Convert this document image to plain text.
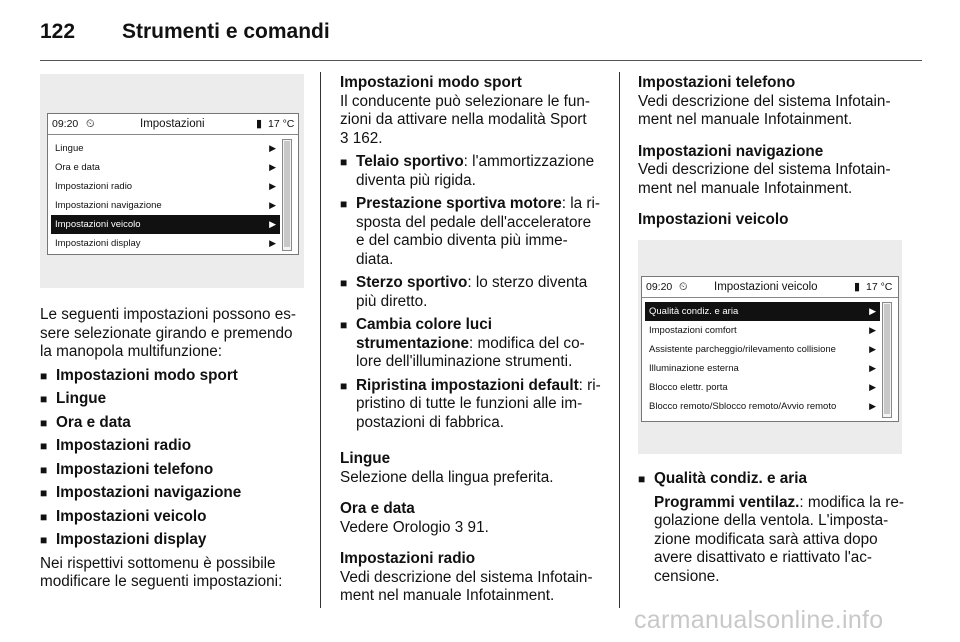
122 Strumenti e comandi
09:20 ⏲	Impostazioni	▮ 17 °C
Lingue	▶
Ora e data	▶
Impostazioni radio	▶
Impostazioni navigazione	▶
Impostazioni veicolo	▶
Impostazioni display	▶

Le seguenti impostazioni possono es-

sere selezionate girando e premendo

la manopola multifunzione:

■ Impostazioni modo sport
■ Lingue
■ Ora e data
■ Impostazioni radio
■ Impostazioni telefono
■ Impostazioni navigazione
■ Impostazioni veicolo
■ Impostazioni display

Nei rispettivi sottomenu è possibile

modificare le seguenti impostazioni:

Impostazioni modo sport

Il conducente può selezionare le fun-

zioni da attivare nella modalità Sport

3 162.

■ Telaio sportivo: l'ammortizzazione

diventa più rigida.

■ Prestazione sportiva motore: la ri-

sposta del pedale dell'acceleratore

e del cambio diventa più imme-

diata.

■ Sterzo sportivo: lo sterzo diventa

più diretto.

■ Cambia colore luci

strumentazione: modifica del co-

lore dell'illuminazione strumenti.

■ Ripristina impostazioni default: ri-

pristino di tutte le funzioni alle im-

postazioni di fabbrica.

Lingue

Selezione della lingua preferita.

Ora e data

Vedere Orologio 3 91.

Impostazioni radio

Vedi descrizione del sistema Infotain-

ment nel manuale Infotainment.

Impostazioni telefono

Vedi descrizione del sistema Infotain-

ment nel manuale Infotainment.

Impostazioni navigazione

Vedi descrizione del sistema Infotain-

ment nel manuale Infotainment.

Impostazioni veicolo

09:20 ⏲ Impostazioni veicolo	▮ 17 °C
Qualità condiz. e aria	▶
Impostazioni comfort	▶
Assistente parcheggio/rilevamento collisione	▶
Illuminazione esterna	▶
Blocco elettr. porta	▶
Blocco remoto/Sblocco remoto/Avvio remoto	▶

■ Qualità condiz. e aria

Programmi ventilaz.: modifica la re-

golazione della ventola. L'imposta-

zione modificata sarà attiva dopo

avere disattivato e riattivato l'ac-

censione.

carmanualsonline.info
